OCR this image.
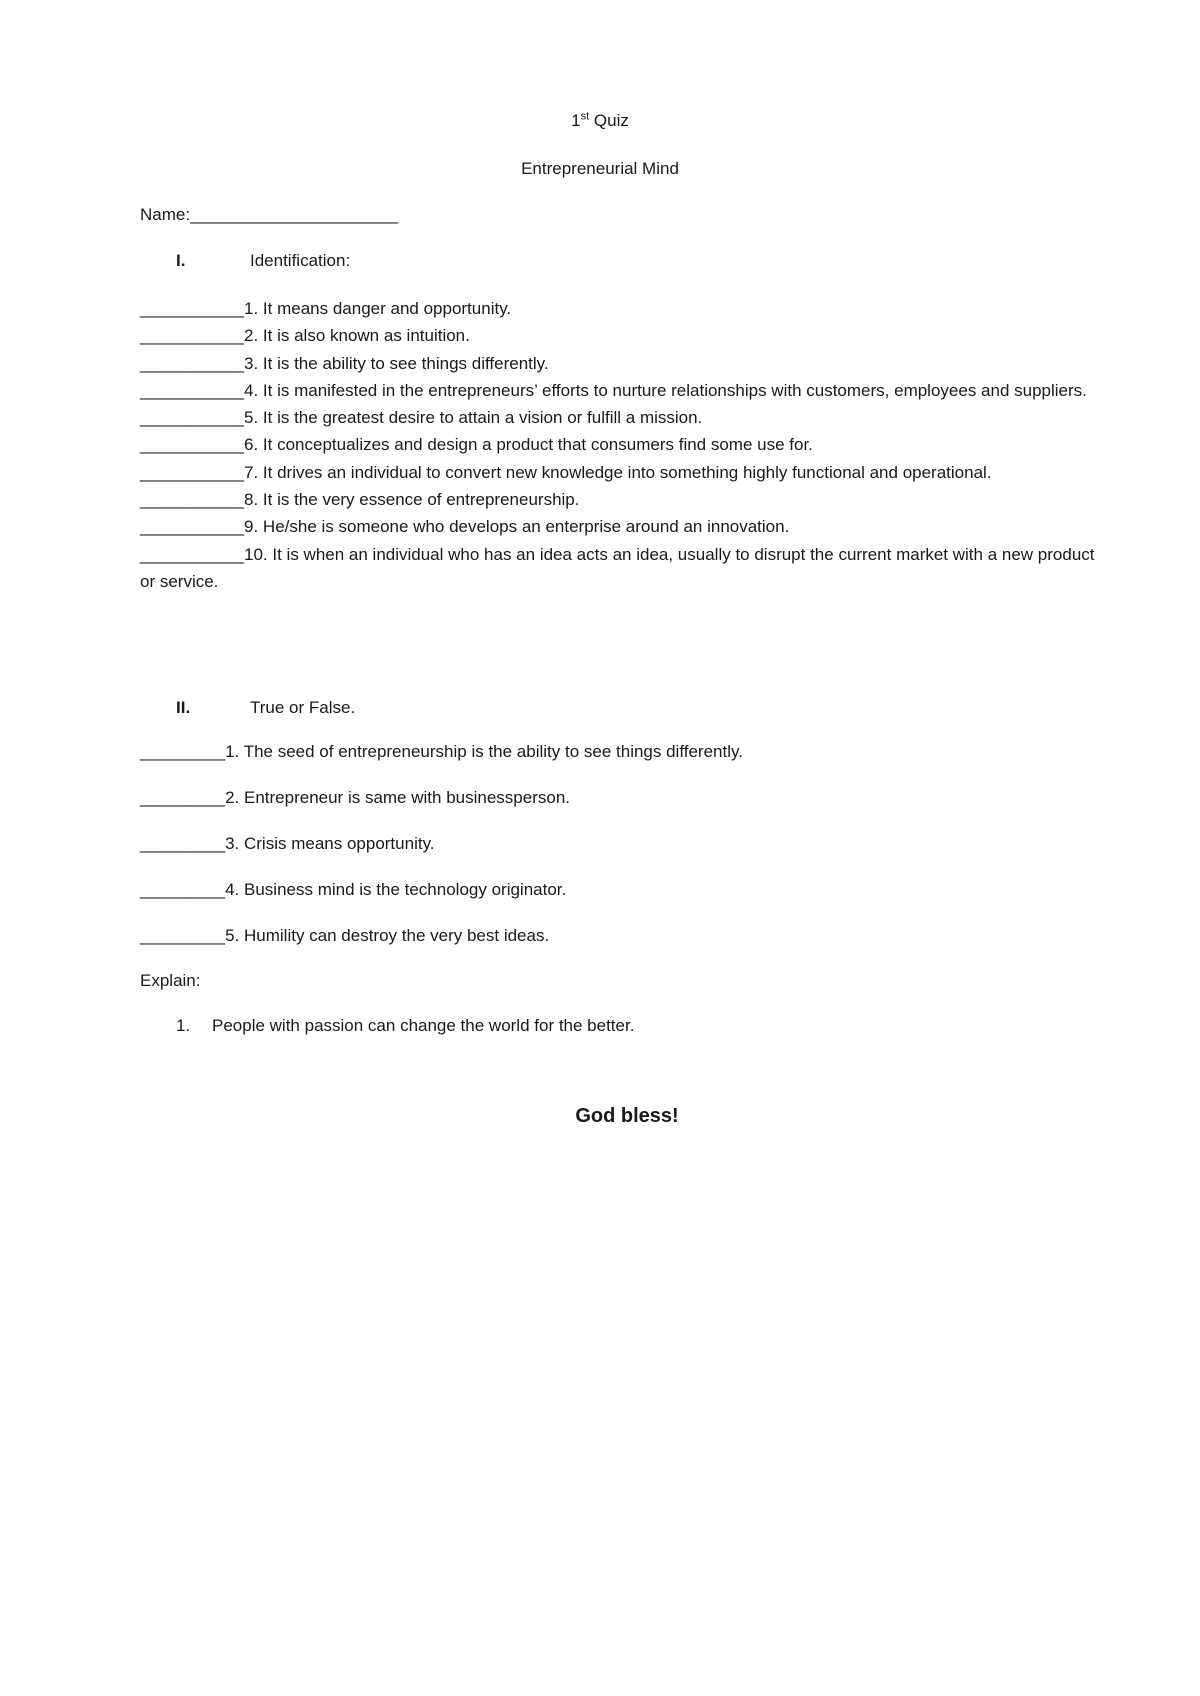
1st Quiz
Entrepreneurial Mind
Name:______________________
I.	Identification:
___________1. It means danger and opportunity.
___________2. It is also known as intuition.
___________3. It is the ability to see things differently.
___________4. It is manifested in the entrepreneurs’ efforts to nurture relationships with customers, employees and suppliers.
___________5. It is the greatest desire to attain a vision or fulfill a mission.
___________6. It conceptualizes and design a product that consumers find some use for.
___________7. It drives an individual to convert new knowledge into something highly functional and operational.
___________8. It is the very essence of entrepreneurship.
___________9. He/she is someone who develops an enterprise around an innovation.
___________10. It is when an individual who has an idea acts an idea, usually to disrupt the current market with a new product or service.
II.	True or False.
_________1. The seed of entrepreneurship is the ability to see things differently.
_________2. Entrepreneur is same with businessperson.
_________3. Crisis means opportunity.
_________4. Business mind is the technology originator.
_________5. Humility can destroy the very best ideas.
Explain:
1. People with passion can change the world for the better.
God bless!
